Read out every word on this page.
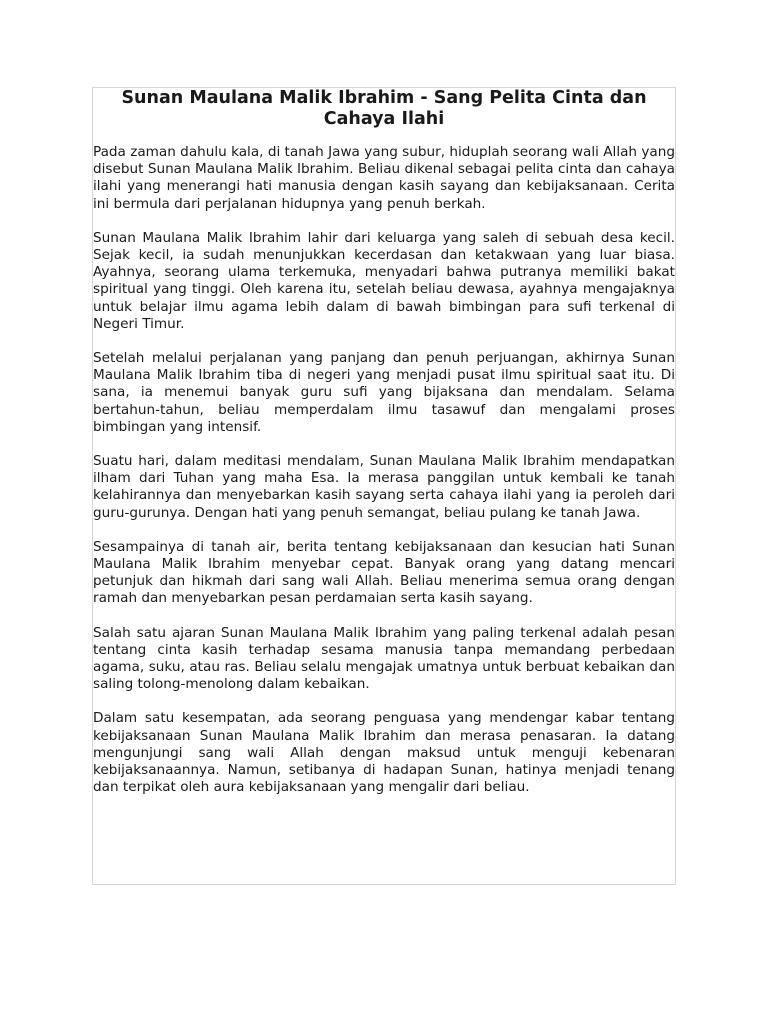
Sunan Maulana Malik Ibrahim - Sang Pelita Cinta dan Cahaya Ilahi

Pada zaman dahulu kala, di tanah Jawa yang subur, hiduplah seorang wali Allah yang disebut Sunan Maulana Malik Ibrahim. Beliau dikenal sebagai pelita cinta dan cahaya ilahi yang menerangi hati manusia dengan kasih sayang dan kebijaksanaan. Cerita ini bermula dari perjalanan hidupnya yang penuh berkah.

Sunan Maulana Malik Ibrahim lahir dari keluarga yang saleh di sebuah desa kecil. Sejak kecil, ia sudah menunjukkan kecerdasan dan ketakwaan yang luar biasa. Ayahnya, seorang ulama terkemuka, menyadari bahwa putranya memiliki bakat spiritual yang tinggi. Oleh karena itu, setelah beliau dewasa, ayahnya mengajaknya untuk belajar ilmu agama lebih dalam di bawah bimbingan para sufi terkenal di Negeri Timur.

Setelah melalui perjalanan yang panjang dan penuh perjuangan, akhirnya Sunan Maulana Malik Ibrahim tiba di negeri yang menjadi pusat ilmu spiritual saat itu. Di sana, ia menemui banyak guru sufi yang bijaksana dan mendalam. Selama bertahun-tahun, beliau memperdalam ilmu tasawuf dan mengalami proses bimbingan yang intensif.

Suatu hari, dalam meditasi mendalam, Sunan Maulana Malik Ibrahim mendapatkan ilham dari Tuhan yang maha Esa. Ia merasa panggilan untuk kembali ke tanah kelahirannya dan menyebarkan kasih sayang serta cahaya ilahi yang ia peroleh dari guru-gurunya. Dengan hati yang penuh semangat, beliau pulang ke tanah Jawa.

Sesampainya di tanah air, berita tentang kebijaksanaan dan kesucian hati Sunan Maulana Malik Ibrahim menyebar cepat. Banyak orang yang datang mencari petunjuk dan hikmah dari sang wali Allah. Beliau menerima semua orang dengan ramah dan menyebarkan pesan perdamaian serta kasih sayang.

Salah satu ajaran Sunan Maulana Malik Ibrahim yang paling terkenal adalah pesan tentang cinta kasih terhadap sesama manusia tanpa memandang perbedaan agama, suku, atau ras. Beliau selalu mengajak umatnya untuk berbuat kebaikan dan saling tolong-menolong dalam kebaikan.

Dalam satu kesempatan, ada seorang penguasa yang mendengar kabar tentang kebijaksanaan Sunan Maulana Malik Ibrahim dan merasa penasaran. Ia datang mengunjungi sang wali Allah dengan maksud untuk menguji kebenaran kebijaksanaannya. Namun, setibanya di hadapan Sunan, hatinya menjadi tenang dan terpikat oleh aura kebijaksanaan yang mengalir dari beliau.
